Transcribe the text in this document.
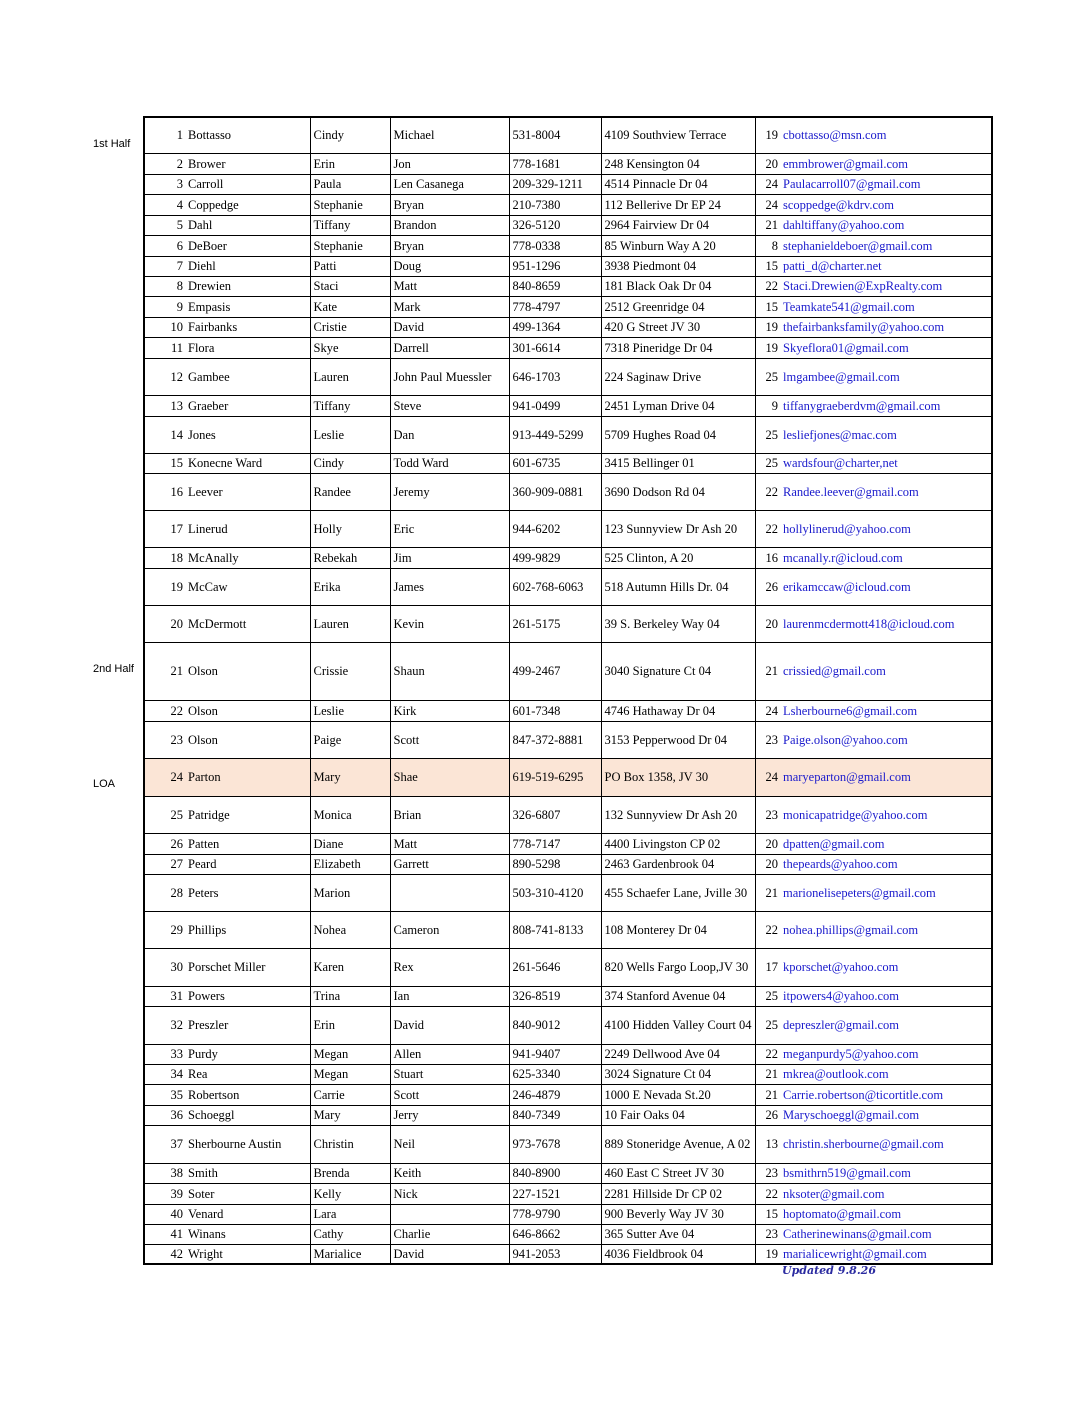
1st Half
2nd Half
LOA
1	Bottasso	Cindy	Michael	531-8004	4109 Southview Terrace	19	cbottasso@msn.com
2	Brower	Erin	Jon	778-1681	248 Kensington 04	20	emmbrower@gmail.com
3	Carroll	Paula	Len Casanega	209-329-1211	4514 Pinnacle Dr 04	24	Paulacarroll07@gmail.com
4	Coppedge	Stephanie	Bryan	210-7380	112 Bellerive Dr EP 24	24	scoppedge@kdrv.com
5	Dahl	Tiffany	Brandon	326-5120	2964 Fairview Dr 04	21	dahltiffany@yahoo.com
6	DeBoer	Stephanie	Bryan	778-0338	85 Winburn Way A 20	8	stephanieldeboer@gmail.com
7	Diehl	Patti	Doug	951-1296	3938 Piedmont 04	15	patti_d@charter.net
8	Drewien	Staci	Matt	840-8659	181 Black Oak Dr 04	22	Staci.Drewien@ExpRealty.com
9	Empasis	Kate	Mark	778-4797	2512 Greenridge 04	15	Teamkate541@gmail.com
10	Fairbanks	Cristie	David	499-1364	420 G Street JV 30	19	thefairbanksfamily@yahoo.com
11	Flora	Skye	Darrell	301-6614	7318 Pineridge Dr 04	19	Skyeflora01@gmail.com
12	Gambee	Lauren	John Paul Muessler	646-1703	224 Saginaw Drive	25	lmgambee@gmail.com
13	Graeber	Tiffany	Steve	941-0499	2451 Lyman Drive 04	9	tiffanygraeberdvm@gmail.com
14	Jones	Leslie	Dan	913-449-5299	5709 Hughes Road 04	25	lesliefjones@mac.com
15	Konecne Ward	Cindy	Todd Ward	601-6735	3415 Bellinger 01	25	wardsfour@charter,net
16	Leever	Randee	Jeremy	360-909-0881	3690 Dodson Rd 04	22	Randee.leever@gmail.com
17	Linerud	Holly	Eric	944-6202	123 Sunnyview Dr Ash 20	22	hollylinerud@yahoo.com
18	McAnally	Rebekah	Jim	499-9829	525 Clinton, A 20	16	mcanally.r@icloud.com
19	McCaw	Erika	James	602-768-6063	518 Autumn Hills Dr. 04	26	erikamccaw@icloud.com
20	McDermott	Lauren	Kevin	261-5175	39 S. Berkeley Way 04	20	laurenmcdermott418@icloud.com
21	Olson	Crissie	Shaun	499-2467	3040 Signature Ct 04	21	crissied@gmail.com
22	Olson	Leslie	Kirk	601-7348	4746 Hathaway Dr 04	24	Lsherbourne6@gmail.com
23	Olson	Paige	Scott	847-372-8881	3153 Pepperwood Dr 04	23	Paige.olson@yahoo.com
24	Parton	Mary	Shae	619-519-6295	PO Box 1358, JV 30	24	maryeparton@gmail.com
25	Patridge	Monica	Brian	326-6807	132 Sunnyview Dr Ash 20	23	monicapatridge@yahoo.com
26	Patten	Diane	Matt	778-7147	4400 Livingston CP 02	20	dpatten@gmail.com
27	Peard	Elizabeth	Garrett	890-5298	2463 Gardenbrook 04	20	thepeards@yahoo.com
28	Peters	Marion		503-310-4120	455 Schaefer Lane, Jville 30	21	marionelisepeters@gmail.com
29	Phillips	Nohea	Cameron	808-741-8133	108 Monterey Dr 04	22	nohea.phillips@gmail.com
30	Porschet Miller	Karen	Rex	261-5646	820 Wells Fargo Loop,JV 30	17	kporschet@yahoo.com
31	Powers	Trina	Ian	326-8519	374 Stanford Avenue 04	25	itpowers4@yahoo.com
32	Preszler	Erin	David	840-9012	4100 Hidden Valley Court 04	25	depreszler@gmail.com
33	Purdy	Megan	Allen	941-9407	2249 Dellwood Ave 04	22	meganpurdy5@yahoo.com
34	Rea	Megan	Stuart	625-3340	3024 Signature Ct 04	21	mkrea@outlook.com
35	Robertson	Carrie	Scott	246-4879	1000 E Nevada St.20	21	Carrie.robertson@ticortitle.com
36	Schoeggl	Mary	Jerry	840-7349	10 Fair Oaks 04	26	Maryschoeggl@gmail.com
37	Sherbourne Austin	Christin	Neil	973-7678	889 Stoneridge Avenue, A 02	13	christin.sherbourne@gmail.com
38	Smith	Brenda	Keith	840-8900	460 East C Street JV 30	23	bsmithrn519@gmail.com
39	Soter	Kelly	Nick	227-1521	2281 Hillside Dr CP 02	22	nksoter@gmail.com
40	Venard	Lara		778-9790	900 Beverly Way JV 30	15	hoptomato@gmail.com
41	Winans	Cathy	Charlie	646-8662	365 Sutter Ave 04	23	Catherinewinans@gmail.com
42	Wright	Marialice	David	941-2053	4036 Fieldbrook 04	19	marialicewright@gmail.com
Updated 9.8.26
